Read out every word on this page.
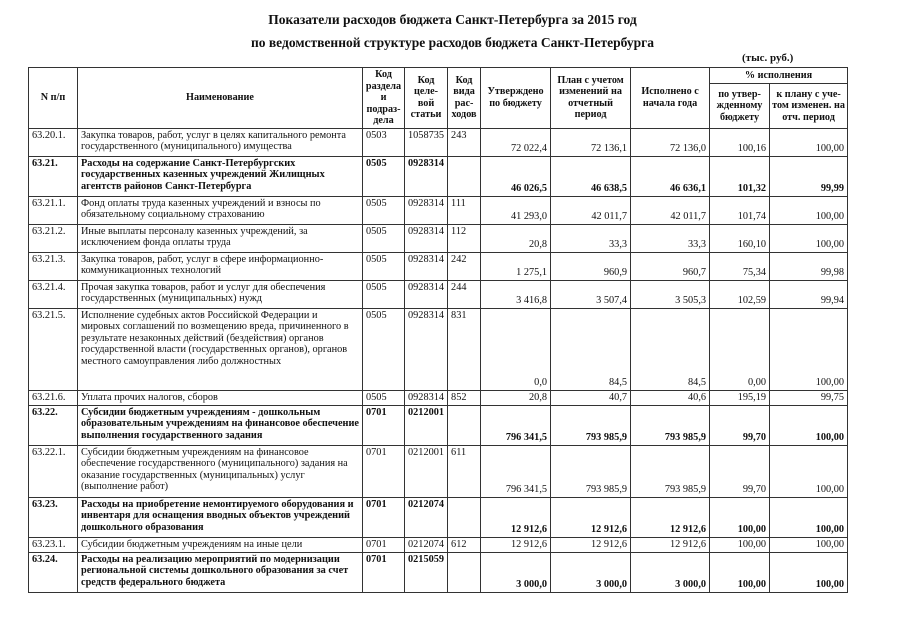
Показатели расходов бюджета Санкт-Петербурга за 2015 год
по ведомственной структуре расходов бюджета Санкт-Петербурга
(тыс. руб.)
N п/п	Наименование	Код раздела и подраз-дела	Код целе-вой статьи	Код вида рас-ходов	Утверждено по бюджету	План с учетом изменений на отчетный период	Исполнено с начала года	% исполнения	
								по утвер-жденному бюджету	к плану с уче-том изменен. на отч. период
63.20.1.	Закупка товаров, работ, услуг в целях капитального ремонта государственного (муниципального) имущества	0503	1058735	243	72 022,4	72 136,1	72 136,0	100,16	100,00
63.21.	Расходы на содержание Санкт-Петербургских государственных казенных учреждений Жилищных агентств районов Санкт-Петербурга	0505	0928314		46 026,5	46 638,5	46 636,1	101,32	99,99
63.21.1.	Фонд оплаты труда казенных учреждений и взносы по обязательному социальному страхованию	0505	0928314	111	41 293,0	42 011,7	42 011,7	101,74	100,00
63.21.2.	Иные выплаты персоналу казенных учреждений, за исключением фонда оплаты труда	0505	0928314	112	20,8	33,3	33,3	160,10	100,00
63.21.3.	Закупка товаров, работ, услуг в сфере информационно-коммуникационных технологий	0505	0928314	242	1 275,1	960,9	960,7	75,34	99,98
63.21.4.	Прочая закупка товаров, работ и услуг для обеспечения государственных (муниципальных) нужд	0505	0928314	244	3 416,8	3 507,4	3 505,3	102,59	99,94
63.21.5.	Исполнение судебных актов Российской Федерации и мировых соглашений по возмещению вреда, причиненного в результате незаконных действий (бездействия) органов государственной власти (государственных органов), органов местного самоуправления либо должностных	0505	0928314	831	0,0	84,5	84,5	0,00	100,00
63.21.6.	Уплата прочих налогов, сборов	0505	0928314	852	20,8	40,7	40,6	195,19	99,75
63.22.	Субсидии бюджетным учреждениям - дошкольным образовательным учреждениям на финансовое обеспечение выполнения государственного задания	0701	0212001		796 341,5	793 985,9	793 985,9	99,70	100,00
63.22.1.	Субсидии бюджетным учреждениям на финансовое обеспечение государственного (муниципального) задания на оказание государственных (муниципальных) услуг (выполнение работ)	0701	0212001	611	796 341,5	793 985,9	793 985,9	99,70	100,00
63.23.	Расходы на приобретение немонтируемого оборудования и инвентаря для оснащения вводных объектов учреждений дошкольного образования	0701	0212074		12 912,6	12 912,6	12 912,6	100,00	100,00
63.23.1.	Субсидии бюджетным учреждениям на иные цели	0701	0212074	612	12 912,6	12 912,6	12 912,6	100,00	100,00
63.24.	Расходы на реализацию мероприятий по модернизации региональной системы дошкольного образования за счет средств федерального бюджета	0701	0215059		3 000,0	3 000,0	3 000,0	100,00	100,00
